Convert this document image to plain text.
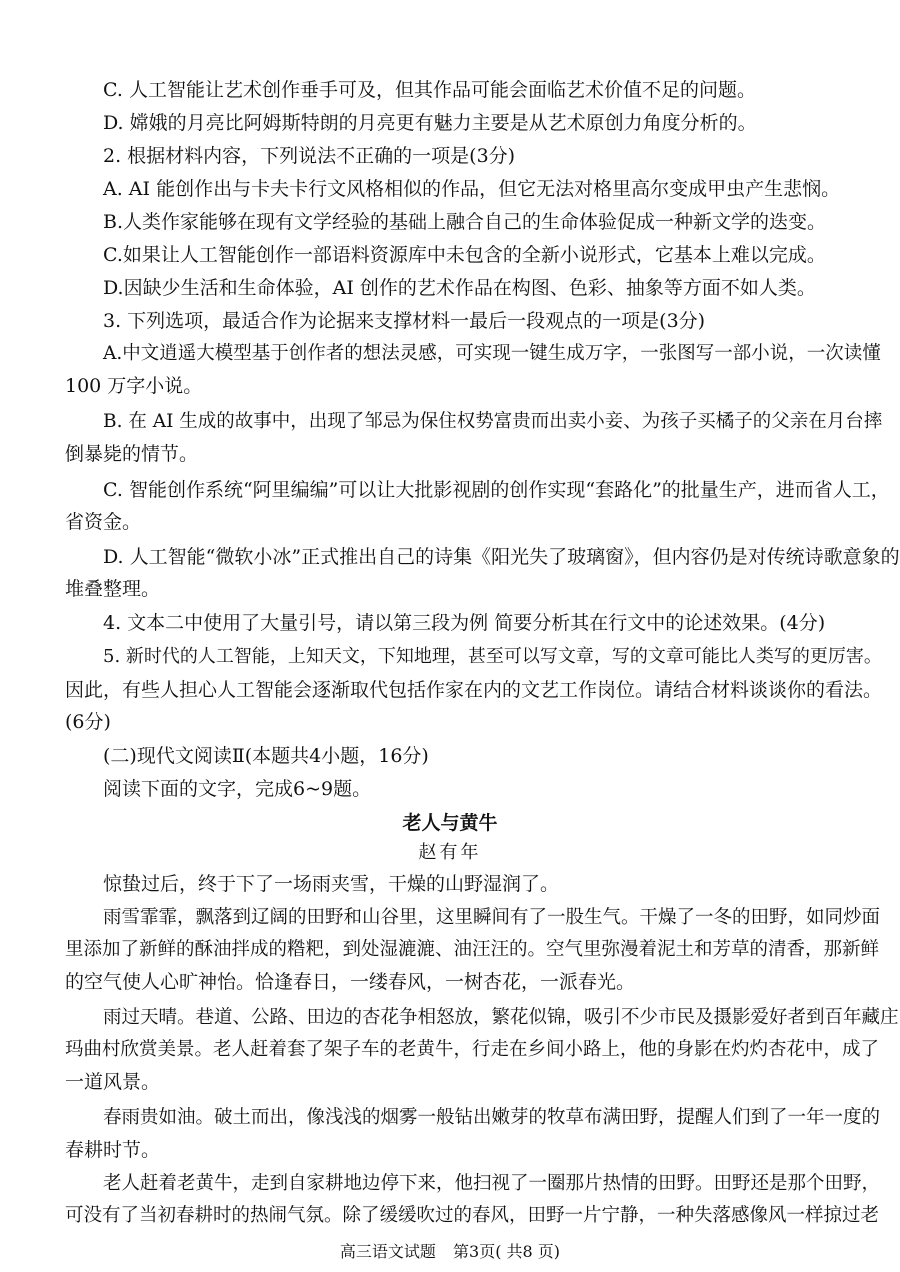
C. 人工智能让艺术创作垂手可及，但其作品可能会面临艺术价值不足的问题。
D. 嫦娥的月亮比阿姆斯特朗的月亮更有魅力主要是从艺术原创力角度分析的。
2. 根据材料内容，下列说法不正确的一项是(3分)
A. AI 能创作出与卡夫卡行文风格相似的作品，但它无法对格里高尔变成甲虫产生悲悯。
B.人类作家能够在现有文学经验的基础上融合自己的生命体验促成一种新文学的迭变。
C.如果让人工智能创作一部语料资源库中未包含的全新小说形式，它基本上难以完成。
D.因缺少生活和生命体验，AI 创作的艺术作品在构图、色彩、抽象等方面不如人类。
3. 下列选项，最适合作为论据来支撑材料一最后一段观点的一项是(3分)
A.中文逍遥大模型基于创作者的想法灵感，可实现一键生成万字，一张图写一部小说，一次读懂
100 万字小说。
B. 在 AI 生成的故事中，出现了邹忌为保住权势富贵而出卖小妾、为孩子买橘子的父亲在月台摔
倒暴毙的情节。
C. 智能创作系统“阿里编编”可以让大批影视剧的创作实现“套路化”的批量生产，进而省人工，
省资金。
D. 人工智能“微软小冰”正式推出自己的诗集《阳光失了玻璃窗》，但内容仍是对传统诗歌意象的
堆叠整理。
4. 文本二中使用了大量引号，请以第三段为例 简要分析其在行文中的论述效果。(4分)
5. 新时代的人工智能，上知天文，下知地理，甚至可以写文章，写的文章可能比人类写的更厉害。
因此，有些人担心人工智能会逐渐取代包括作家在内的文艺工作岗位。请结合材料谈谈你的看法。
(6分)
(二)现代文阅读Ⅱ(本题共4小题，16分)
阅读下面的文字，完成6~9题。
老人与黄牛
赵有年
惊蛰过后，终于下了一场雨夹雪，干燥的山野湿润了。
雨雪霏霏，飘落到辽阔的田野和山谷里，这里瞬间有了一股生气。干燥了一冬的田野，如同炒面
里添加了新鲜的酥油拌成的糌粑，到处湿漉漉、油汪汪的。空气里弥漫着泥土和芳草的清香，那新鲜
的空气使人心旷神怡。恰逢春日，一缕春风，一树杏花，一派春光。
雨过天晴。巷道、公路、田边的杏花争相怒放，繁花似锦，吸引不少市民及摄影爱好者到百年藏庄
玛曲村欣赏美景。老人赶着套了架子车的老黄牛，行走在乡间小路上，他的身影在灼灼杏花中，成了
一道风景。
春雨贵如油。破土而出，像浅浅的烟雾一般钻出嫩芽的牧草布满田野，提醒人们到了一年一度的
春耕时节。
老人赶着老黄牛，走到自家耕地边停下来，他扫视了一圈那片热情的田野。田野还是那个田野，
可没有了当初春耕时的热闹气氛。除了缓缓吹过的春风，田野一片宁静，一种失落感像风一样掠过老
高三语文试题 第3页( 共8 页)
